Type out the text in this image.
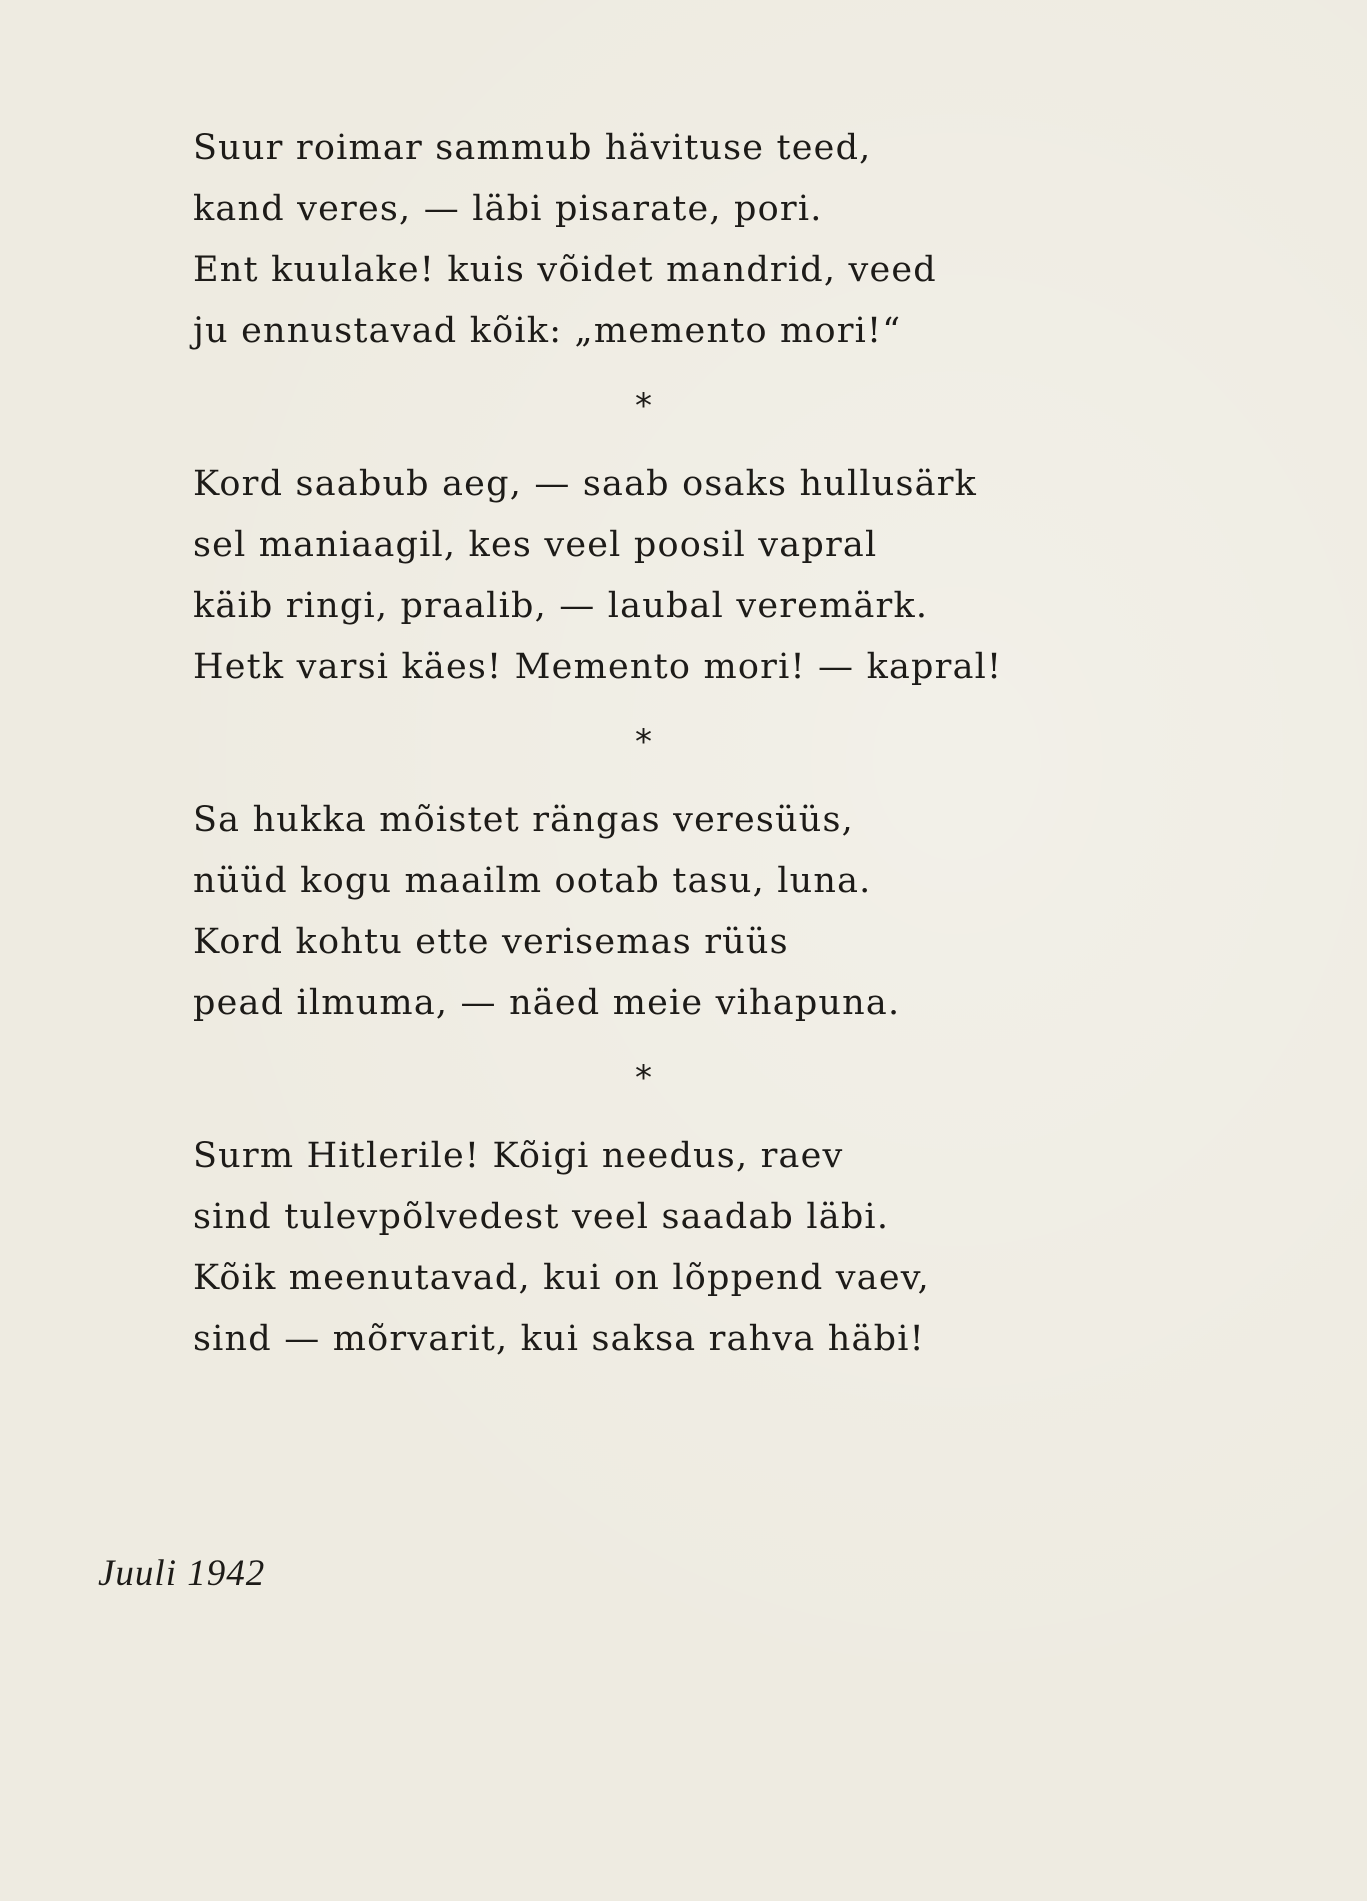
Suur roimar sammub hävituse teed,
kand veres, — läbi pisarate, pori.
Ent kuulake! kuis võidet mandrid, veed
ju ennustavad kõik: „memento mori!“
*
Kord saabub aeg, — saab osaks hullusärk
sel maniaagil, kes veel poosil vapral
käib ringi, praalib, — laubal veremärk.
Hetk varsi käes! Memento mori! — kapral!
*
Sa hukka mõistet rängas veresüüs,
nüüd kogu maailm ootab tasu, luna.
Kord kohtu ette verisemas rüüs
pead ilmuma, — näed meie vihapuna.
*
Surm Hitlerile! Kõigi needus, raev
sind tulevpõlvedest veel saadab läbi.
Kõik meenutavad, kui on lõppend vaev,
sind — mõrvarit, kui saksa rahva häbi!
Juuli 1942
